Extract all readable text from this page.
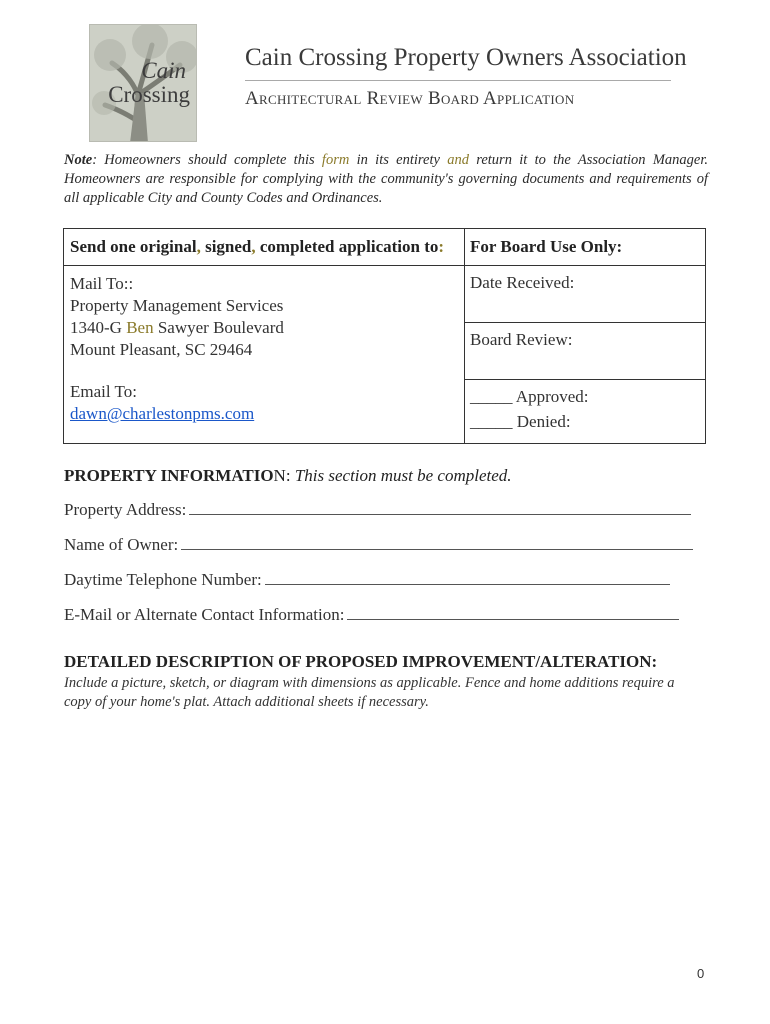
Cain
Crossing
Cain Crossing Property Owners Association
Architectural Review Board Application
Note: Homeowners should complete this form in its entirety and return it to the Association Manager. Homeowners are responsible for complying with the community's governing documents and requirements of all applicable City and County Codes and Ordinances.
Send one original, signed, completed application to: For Board Use Only:
Mail To::
Property Management Services
1340-G Ben Sawyer Boulevard
Mount Pleasant, SC 29464
Email To:
dawn@charlestonpms.com
Date Received:
Board Review:
_____ Approved:
_____ Denied:
PROPERTY INFORMATION: This section must be completed.
Property Address:
Name of Owner:
Daytime Telephone Number:
E-Mail or Alternate Contact Information:
DETAILED DESCRIPTION OF PROPOSED IMPROVEMENT/ALTERATION:
Include a picture, sketch, or diagram with dimensions as applicable. Fence and home additions require a copy of your home's plat. Attach additional sheets if necessary.
0
